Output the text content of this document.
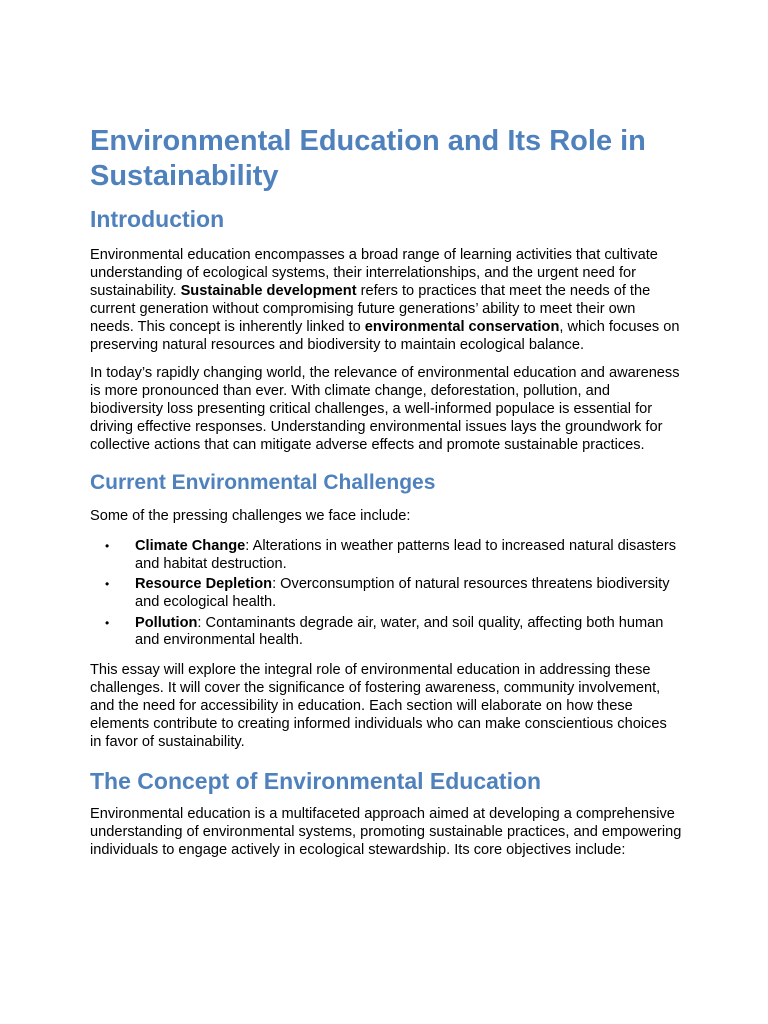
Environmental Education and Its Role in Sustainability
Introduction

Environmental education encompasses a broad range of learning activities that cultivate understanding of ecological systems, their interrelationships, and the urgent need for sustainability. Sustainable development refers to practices that meet the needs of the current generation without compromising future generations’ ability to meet their own needs. This concept is inherently linked to environmental conservation, which focuses on preserving natural resources and biodiversity to maintain ecological balance.

In today’s rapidly changing world, the relevance of environmental education and awareness is more pronounced than ever. With climate change, deforestation, pollution, and biodiversity loss presenting critical challenges, a well-informed populace is essential for driving effective responses. Understanding environmental issues lays the groundwork for collective actions that can mitigate adverse effects and promote sustainable practices.

Current Environmental Challenges

Some of the pressing challenges we face include:

• Climate Change: Alterations in weather patterns lead to increased natural disasters and habitat destruction.
• Resource Depletion: Overconsumption of natural resources threatens biodiversity and ecological health.
• Pollution: Contaminants degrade air, water, and soil quality, affecting both human and environmental health.

This essay will explore the integral role of environmental education in addressing these challenges. It will cover the significance of fostering awareness, community involvement, and the need for accessibility in education. Each section will elaborate on how these elements contribute to creating informed individuals who can make conscientious choices in favor of sustainability.

The Concept of Environmental Education

Environmental education is a multifaceted approach aimed at developing a comprehensive understanding of environmental systems, promoting sustainable practices, and empowering individuals to engage actively in ecological stewardship. Its core objectives include:
